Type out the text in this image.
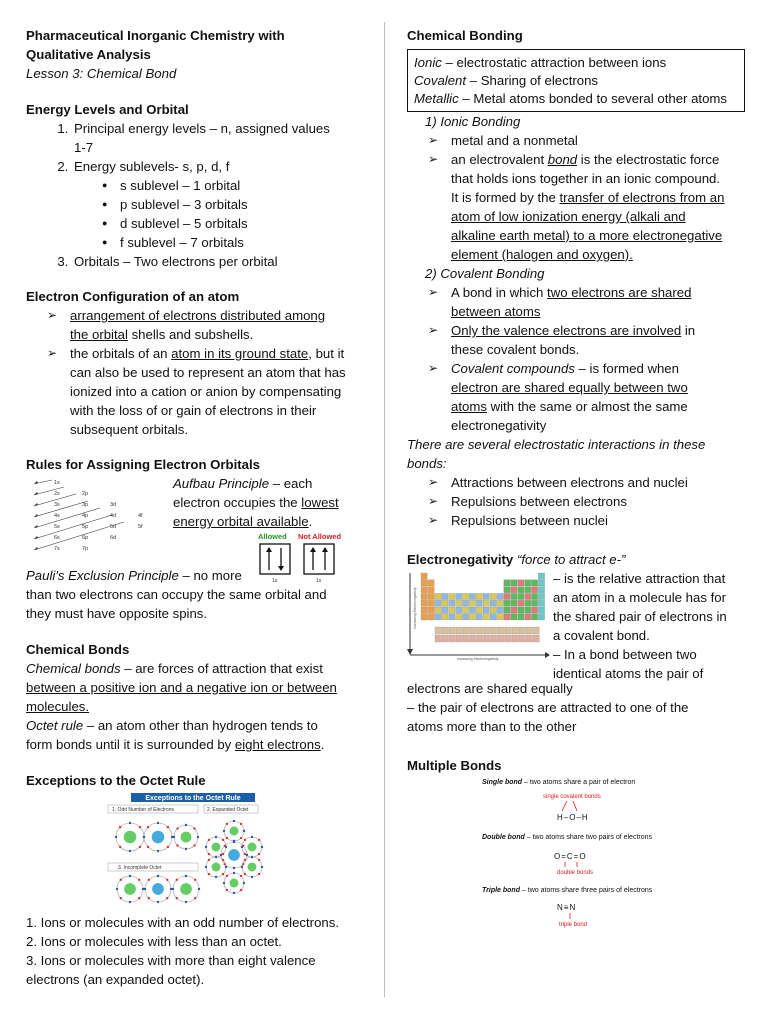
Pharmaceutical Inorganic Chemistry with

Qualitative Analysis

Lesson 3: Chemical Bond

Energy Levels and Orbital

1. Principal energy levels – n, assigned values
1-7
2. Energy sublevels- s, p, d, f
● s sublevel – 1 orbital
● p sublevel – 3 orbitals
● d sublevel – 5 orbitals
● f sublevel – 7 orbitals
3. Orbitals – Two electrons per orbital

Electron Configuration of an atom

➢ arrangement of electrons distributed among
the orbital shells and subshells.
➢ the orbitals of an atom in its ground state, but it
can also be used to represent an atom that has
ionized into a cation or anion by compensating
with the loss of or gain of electrons in their
subsequent orbitals.

Rules for Assigning Electron Orbitals

1s
2s	2p
3s	3p	3d
4s	4p	4d	4f
5s	5p	5d	5f
6s	6p	6d
7s	7p
Aufbau Principle – each
electron occupies the lowest
energy orbital available.
Allowed Not Allowed
1s	1s

Pauli's Exclusion Principle – no more

than two electrons can occupy the same orbital and

they must have opposite spins.

Chemical Bonds

Chemical bonds – are forces of attraction that exist
between a positive ion and a negative ion or between
molecules.

Octet rule – an atom other than hydrogen tends to
form bonds until it is surrounded by eight electrons.

Exceptions to the Octet Rule

Exceptions to the Octet Rule
1. Odd Number of Electrons	2. Expanded Octet
3. Incomplete Octet

1. Ions or molecules with an odd number of electrons.

2. Ions or molecules with less than an octet.

3. Ions or molecules with more than eight valence

electrons (an expanded octet).

Chemical Bonding

Ionic – electrostatic attraction between ions

Covalent – Sharing of electrons

Metallic – Metal atoms bonded to several other atoms

1) Ionic Bonding

➢ metal and a nonmetal
➢ an electrovalent bond is the electrostatic force
that holds ions together in an ionic compound.
It is formed by the transfer of electrons from an
atom of low ionization energy (alkali and
alkaline earth metal) to a more electronegative
element (halogen and oxygen).

2) Covalent Bonding

➢ A bond in which two electrons are shared
between atoms
➢ Only the valence electrons are involved in
these covalent bonds.
➢ Covalent compounds – is formed when
electron are shared equally between two
atoms with the same or almost the same
electronegativity

There are several electrostatic interactions in these

bonds:

➢ Attractions between electrons and nuclei
➢ Repulsions between electrons
➢ Repulsions between nuclei

Electronegativity “force to attract e-”

Increasing Electronegativity
Increasing Electronegativity

– is the relative attraction that

an atom in a molecule has for

the shared pair of electrons in

a covalent bond.

– In a bond between two

identical atoms the pair of

electrons are shared equally

– the pair of electrons are attracted to one of the

atoms more than to the other

Multiple Bonds

Single bond – two atoms share a pair of electron
single covalent bonds
H–O–H
Double bond – two atoms share two pairs of electrons
O=C=O
double bonds
Triple bond – two atoms share three pairs of electrons
N≡N
triple bond
